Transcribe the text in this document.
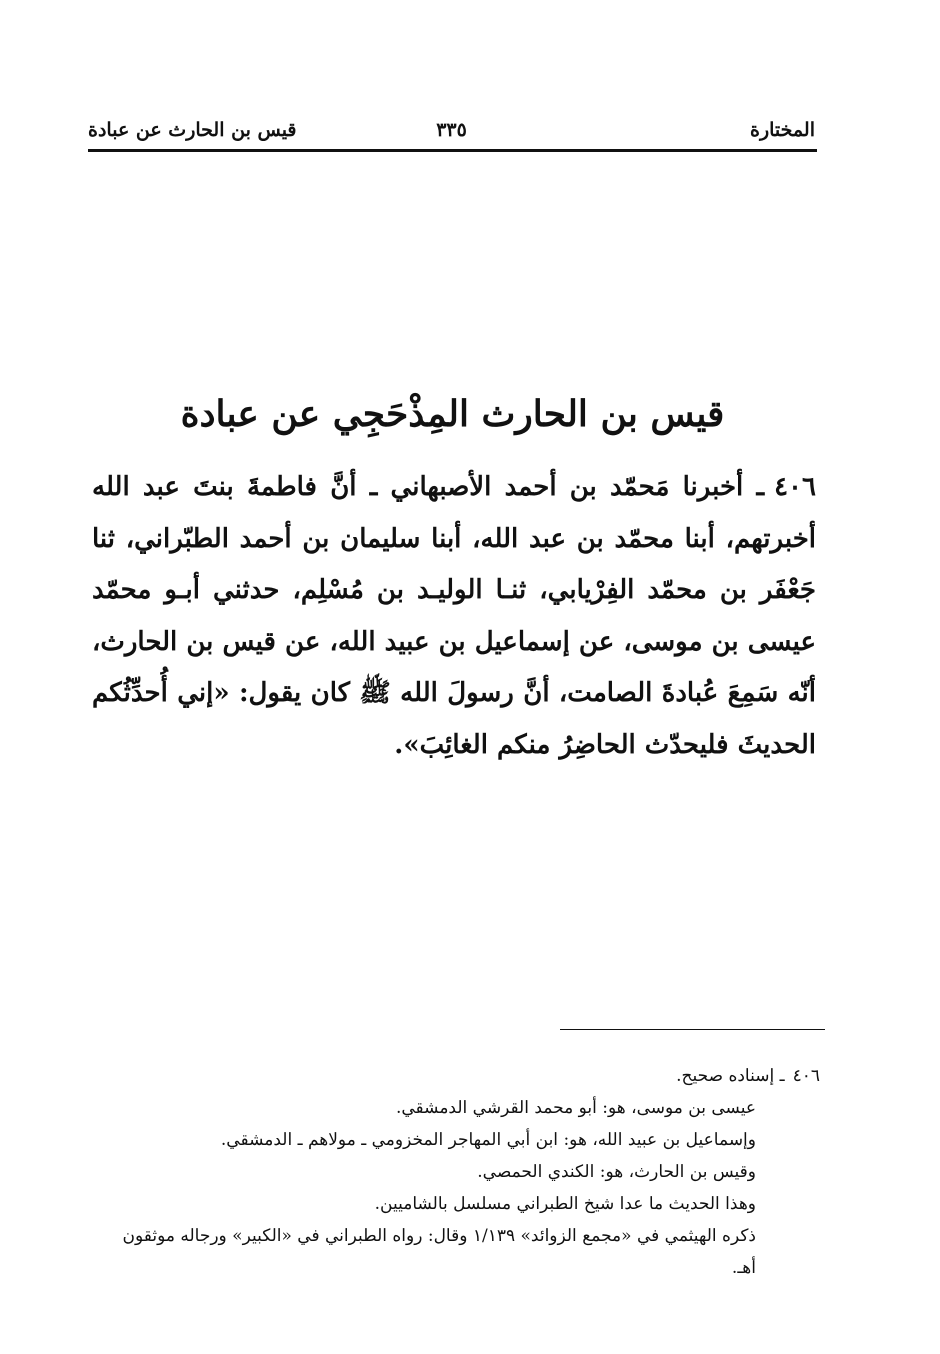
المختارة
٣٣٥
قيس بن الحارث عن عبادة
قيس بن الحارث المِذْحَجِي عن عبادة

٤٠٦ـ أخبرنا مَحمّد بن أحمد الأصبهاني ـ أنَّ فاطمةَ بنتَ عبد الله أخبرتهم، أبنا محمّد بن عبد الله، أبنا سليمان بن أحمد الطبّراني، ثنا جَعْفَر بن محمّد الفِرْيابي، ثنـا الوليـد بن مُسْلِم، حدثني أبـو محمّد عيسى بن موسى، عن إسماعيل بن عبيد الله، عن قيس بن الحارث، أنّه سَمِعَ عُبادةَ الصامت، أنَّ رسولَ الله ﷺ كان يقول: «إني أُحدِّثُكم الحديثَ فليحدّث الحاضِرُ منكم الغائِبَ».

٤٠٦ـ إسناده صحيح.

عيسى بن موسى، هو: أبو محمد القرشي الدمشقي.

وإسماعيل بن عبيد الله، هو: ابن أبي المهاجر المخزومي ـ مولاهم ـ الدمشقي.

وقيس بن الحارث، هو: الكندي الحمصي.

وهذا الحديث ما عدا شيخ الطبراني مسلسل بالشاميين.

ذكره الهيثمي في «مجمع الزوائد» ١/١٣٩ وقال: رواه الطبراني في «الكبير» ورجاله موثقون أهـ.
